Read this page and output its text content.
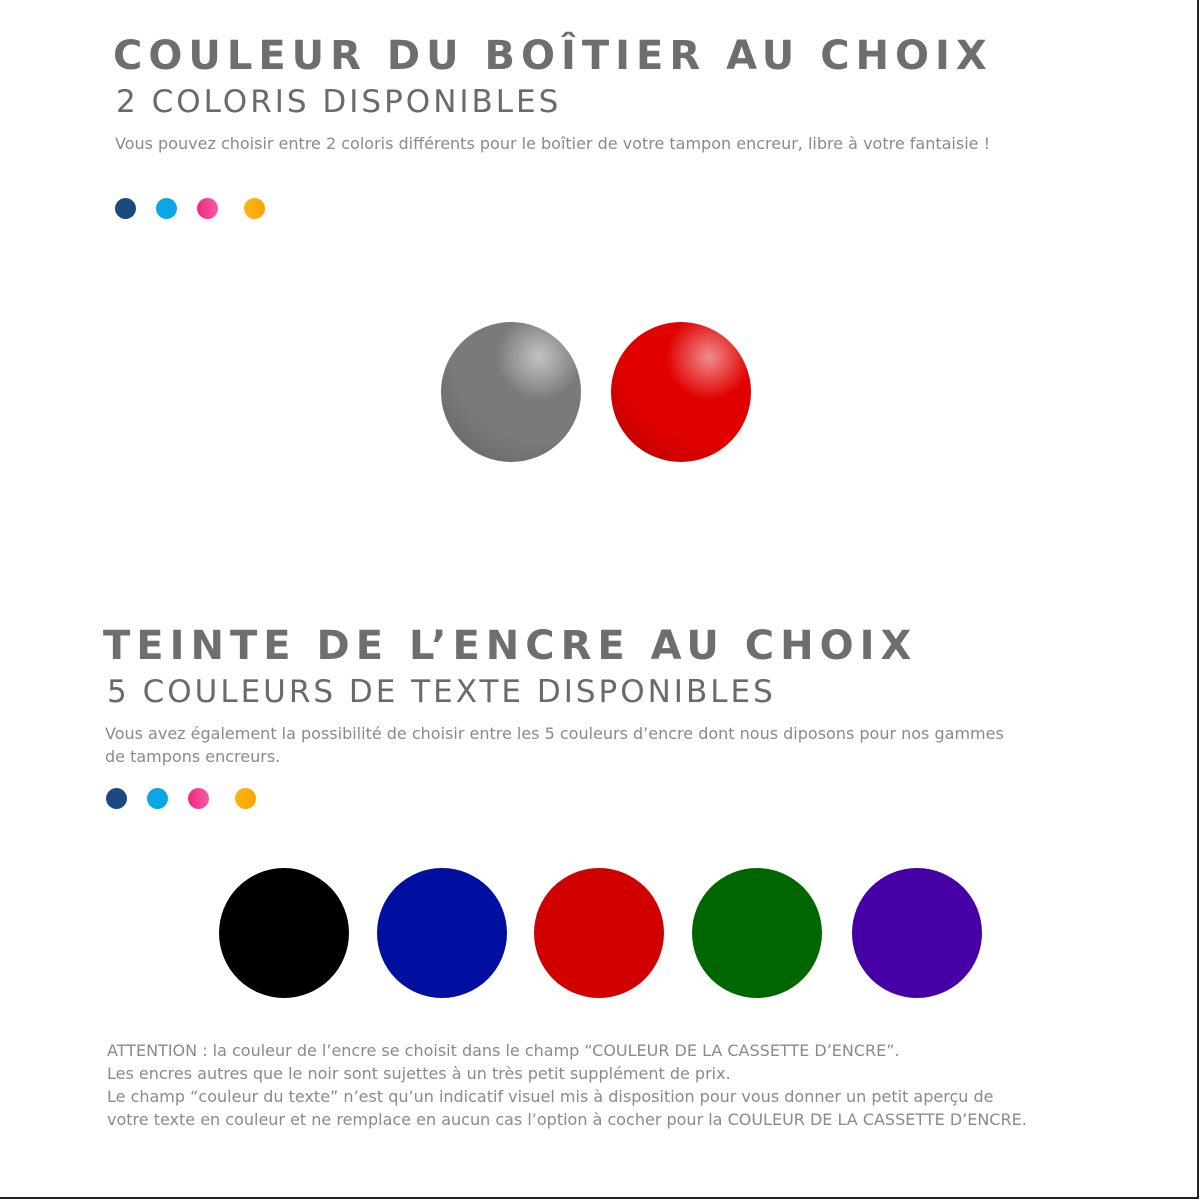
COULEUR DU BOÎTIER AU CHOIX
2 COLORIS DISPONIBLES

Vous pouvez choisir entre 2 coloris différents pour le boîtier de votre tampon encreur, libre à votre fantaisie !

TEINTE DE L’ENCRE AU CHOIX
5 COULEURS DE TEXTE DISPONIBLES

Vous avez également la possibilité de choisir entre les 5 couleurs d’encre dont nous diposons pour nos gammes de tampons encreurs.

ATTENTION : la couleur de l’encre se choisit dans le champ “COULEUR DE LA CASSETTE D’ENCRE”.
Les encres autres que le noir sont sujettes à un très petit supplément de prix.
Le champ “couleur du texte” n’est qu’un indicatif visuel mis à disposition pour vous donner un petit aperçu de
votre texte en couleur et ne remplace en aucun cas l’option à cocher pour la COULEUR DE LA CASSETTE D’ENCRE.
